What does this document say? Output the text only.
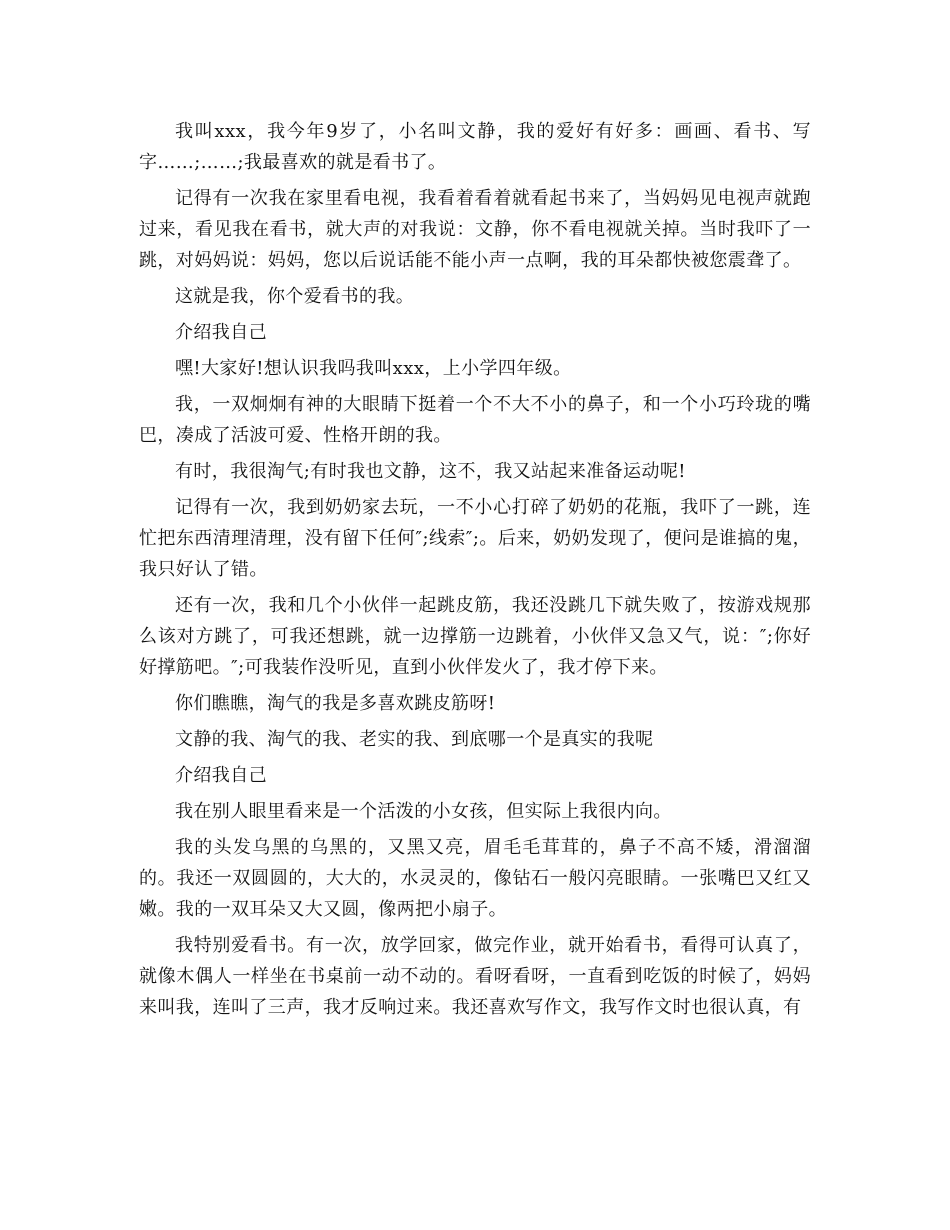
我叫xxx，我今年9岁了，小名叫文静，我的爱好有好多：画画、看书、写字……;……;我最喜欢的就是看书了。

记得有一次我在家里看电视，我看着看着就看起书来了，当妈妈见电视声就跑过来，看见我在看书，就大声的对我说：文静，你不看电视就关掉。当时我吓了一跳，对妈妈说：妈妈，您以后说话能不能小声一点啊，我的耳朵都快被您震聋了。

这就是我，你个爱看书的我。

介绍我自己

嘿!大家好!想认识我吗我叫xxx，上小学四年级。

我，一双炯炯有神的大眼睛下挺着一个不大不小的鼻子，和一个小巧玲珑的嘴巴，凑成了活波可爱、性格开朗的我。

有时，我很淘气;有时我也文静，这不，我又站起来准备运动呢!

记得有一次，我到奶奶家去玩，一不小心打碎了奶奶的花瓶，我吓了一跳，连忙把东西清理清理，没有留下任何″;线索″;。后来，奶奶发现了，便问是谁搞的鬼，我只好认了错。

还有一次，我和几个小伙伴一起跳皮筋，我还没跳几下就失败了，按游戏规那么该对方跳了，可我还想跳，就一边撑筋一边跳着，小伙伴又急又气，说：″;你好好撑筋吧。″;可我装作没听见，直到小伙伴发火了，我才停下来。

你们瞧瞧，淘气的我是多喜欢跳皮筋呀!

文静的我、淘气的我、老实的我、到底哪一个是真实的我呢

介绍我自己

我在别人眼里看来是一个活泼的小女孩，但实际上我很内向。

我的头发乌黑的乌黑的，又黑又亮，眉毛毛茸茸的，鼻子不高不矮，滑溜溜的。我还一双圆圆的，大大的，水灵灵的，像钻石一般闪亮眼睛。一张嘴巴又红又嫩。我的一双耳朵又大又圆，像两把小扇子。

我特别爱看书。有一次，放学回家，做完作业，就开始看书，看得可认真了，就像木偶人一样坐在书桌前一动不动的。看呀看呀，一直看到吃饭的时候了，妈妈来叫我，连叫了三声，我才反响过来。我还喜欢写作文，我写作文时也很认真，有
